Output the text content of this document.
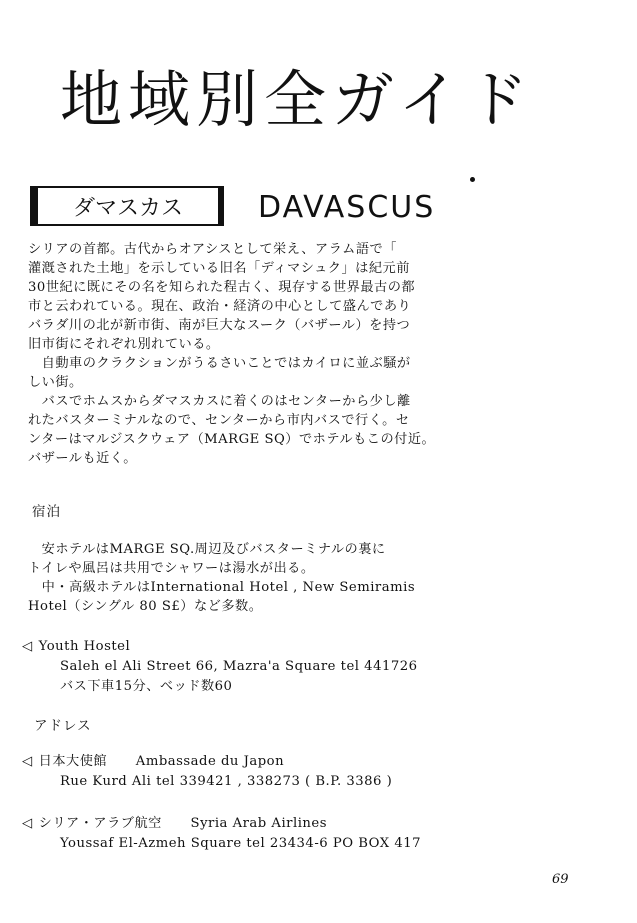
地域別全ガイド
ダマスカス	DAVASCUS
シリアの首都。古代からオアシスとして栄え、アラム語で「
灌漑された土地」を示している旧名「ディマシュク」は紀元前
30世紀に既にその名を知られた程古く、現存する世界最古の都
市と云われている。現在、政治・経済の中心として盛んであり
バラダ川の北が新市街、南が巨大なスーク（バザール）を持つ
旧市街にそれぞれ別れている。
　自動車のクラクションがうるさいことではカイロに並ぶ騒が
しい街。
　バスでホムスからダマスカスに着くのはセンターから少し離
れたバスターミナルなので、センターから市内バスで行く。セ
ンターはマルジスクウェア（MARGE SQ）でホテルもこの付近。
バザールも近く。
宿泊
　安ホテルはMARGE SQ.周辺及びバスターミナルの裏に
トイレや風呂は共用でシャワーは湯水が出る。
　中・高級ホテルはInternational Hotel , New Semiramis
Hotel（シングル 80 S£）など多数。
◁ Youth Hostel
Saleh el Ali Street 66, Mazra'a Square tel 441726
バス下車15分、ベッド数60
アドレス
◁ 日本大使館 Ambassade du Japon
Rue Kurd Ali tel 339421 , 338273 ( B.P. 3386 )
◁ シリア・アラブ航空 Syria Arab Airlines
Youssaf El-Azmeh Square tel 23434-6 PO BOX 417
69
